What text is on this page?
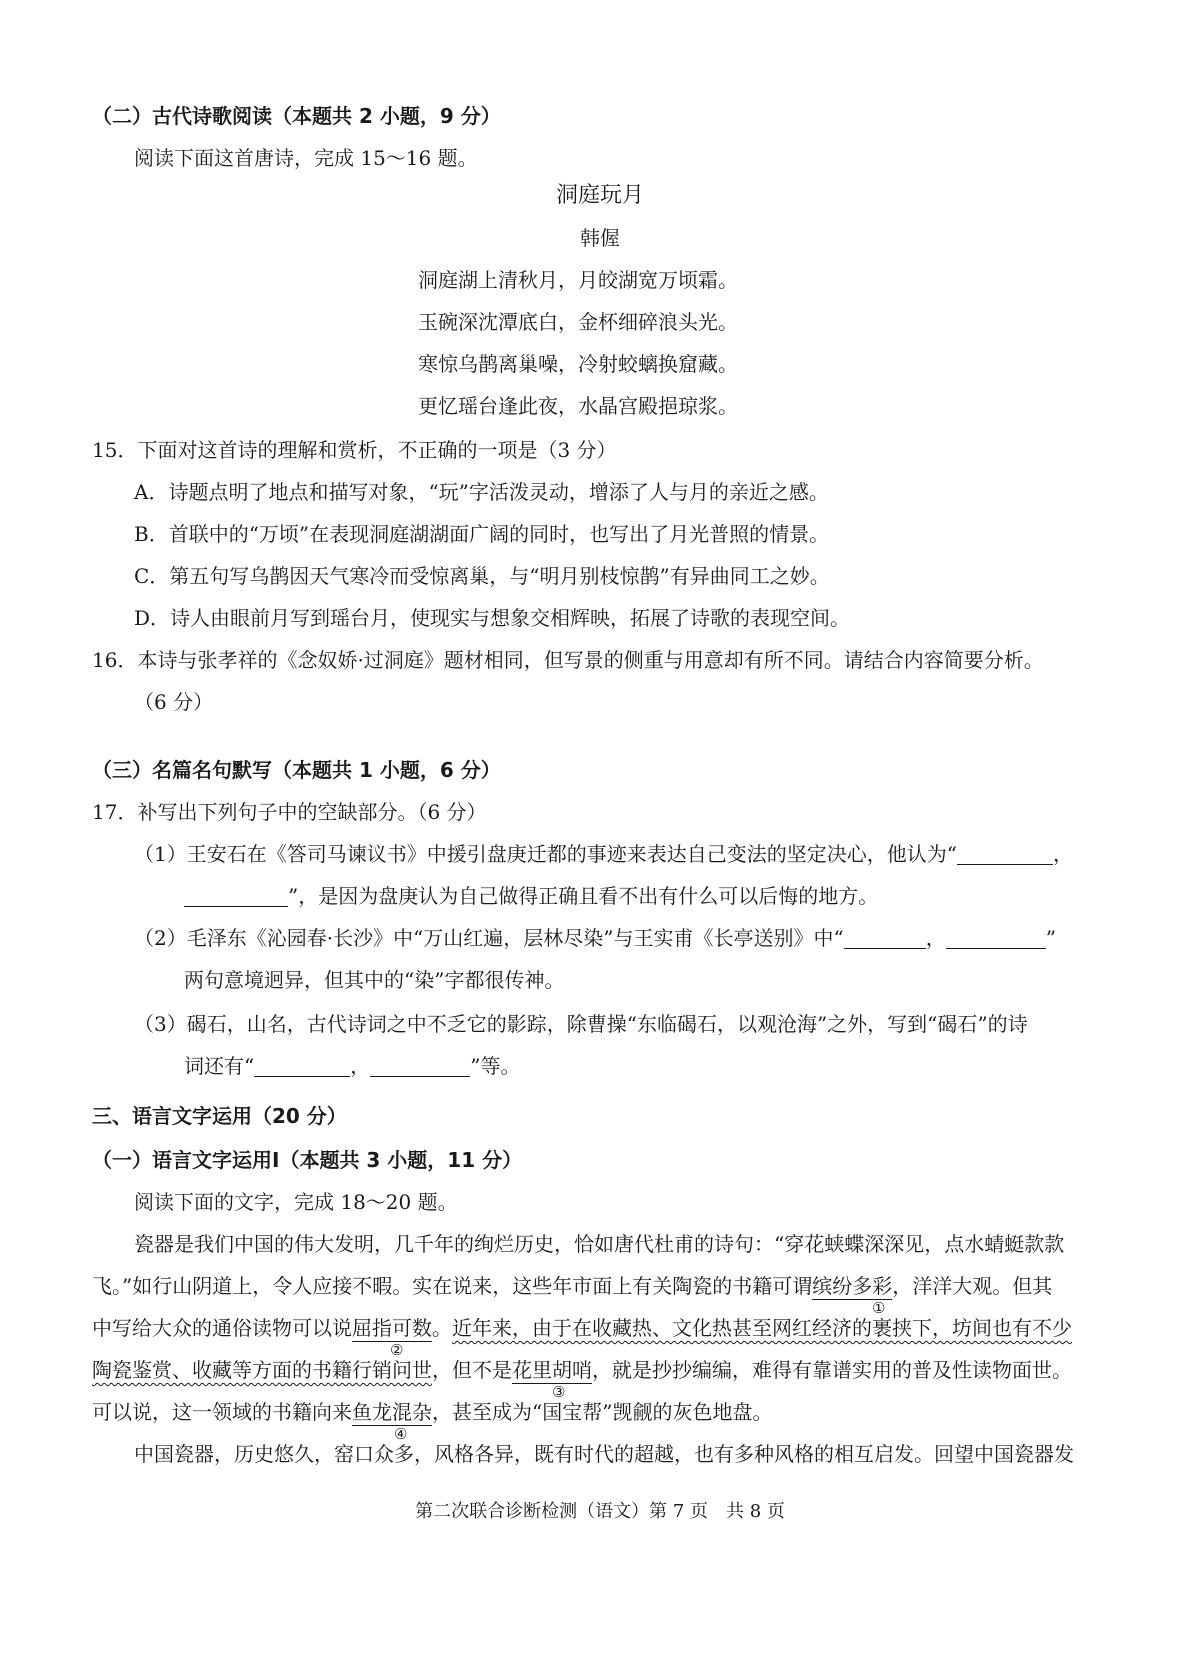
（二）古代诗歌阅读（本题共 2 小题，9 分）
阅读下面这首唐诗，完成 15～16 题。
洞庭玩月
韩偓
洞庭湖上清秋月，月皎湖宽万顷霜。
玉碗深沈潭底白，金杯细碎浪头光。
寒惊乌鹊离巢噪，冷射蛟螭换窟藏。
更忆瑶台逢此夜，水晶宫殿挹琼浆。
15．下面对这首诗的理解和赏析，不正确的一项是（3 分）
A．诗题点明了地点和描写对象，“玩”字活泼灵动，增添了人与月的亲近之感。
B．首联中的“万顷”在表现洞庭湖湖面广阔的同时，也写出了月光普照的情景。
C．第五句写乌鹊因天气寒冷而受惊离巢，与“明月别枝惊鹊”有异曲同工之妙。
D．诗人由眼前月写到瑶台月，使现实与想象交相辉映，拓展了诗歌的表现空间。
16．本诗与张孝祥的《念奴娇·过洞庭》题材相同，但写景的侧重与用意却有所不同。请结合内容简要分析。
（6 分）
（三）名篇名句默写（本题共 1 小题，6 分）
17．补写出下列句子中的空缺部分。（6 分）
（1）王安石在《答司马谏议书》中援引盘庚迁都的事迹来表达自己变法的坚定决心，他认为“	，
”，是因为盘庚认为自己做得正确且看不出有什么可以后悔的地方。
（2）毛泽东《沁园春·长沙》中“万山红遍，层林尽染”与王实甫《长亭送别》中“	，	”
两句意境迥异，但其中的“染”字都很传神。
（3）碣石，山名，古代诗词之中不乏它的影踪，除曹操“东临碣石，以观沧海”之外，写到“碣石”的诗
词还有“	，	”等。
三、语言文字运用（20 分）
（一）语言文字运用Ⅰ（本题共 3 小题，11 分）
阅读下面的文字，完成 18～20 题。
瓷器是我们中国的伟大发明，几千年的绚烂历史，恰如唐代杜甫的诗句：“穿花蛱蝶深深见，点水蜻蜓款款
飞。”如行山阴道上，令人应接不暇。实在说来，这些年市面上有关陶瓷的书籍可谓缤纷多彩，洋洋大观。但其
①
中写给大众的通俗读物可以说屈指可数。近年来，由于在收藏热、文化热甚至网红经济的裹挟下，坊间也有不少
②
陶瓷鉴赏、收藏等方面的书籍行销问世，但不是花里胡哨，就是抄抄编编，难得有靠谱实用的普及性读物面世。
③
可以说，这一领域的书籍向来鱼龙混杂，甚至成为“国宝帮”觊觎的灰色地盘。
④
中国瓷器，历史悠久，窑口众多，风格各异，既有时代的超越，也有多种风格的相互启发。回望中国瓷器发
第二次联合诊断检测（语文）第 7 页　共 8 页
